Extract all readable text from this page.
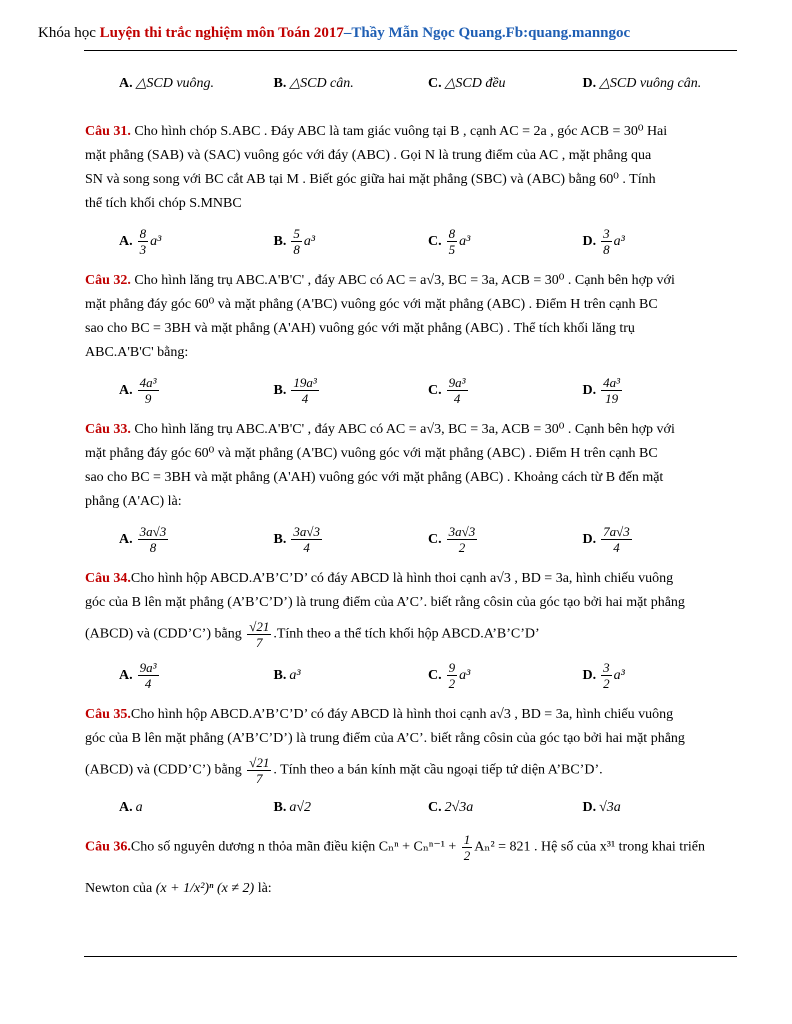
Khóa học Luyện thi trắc nghiệm môn Toán 2017–Thầy Mẫn Ngọc Quang.Fb:quang.manngoc
A. △SCD vuông.	B. △SCD cân.	C. △SCD đều	D. △SCD vuông cân.
Câu 31. Cho hình chóp S.ABC . Đáy ABC là tam giác vuông tại B , cạnh AC = 2a , góc ACB = 30⁰ Hai
mặt phẳng (SAB) và (SAC) vuông góc với đáy (ABC) . Gọi N là trung điểm của AC , mặt phẳng qua
SN và song song với BC cắt AB tại M . Biết góc giữa hai mặt phẳng (SBC) và (ABC) bằng 60⁰ . Tính
thể tích khối chóp S.MNBC
A. $\frac{8}{3} a^3$	B. $\frac{5}{8} a^3$	C. $\frac{8}{5} a^3$	D. $\frac{3}{8} a^3$
Câu 32. Cho hình lăng trụ ABC.A'B'C' , đáy ABC có AC = a√3, BC = 3a, ACB = 30⁰ . Cạnh bên hợp với
mặt phẳng đáy góc 60⁰ và mặt phẳng (A'BC) vuông góc với mặt phẳng (ABC) . Điểm H trên cạnh BC
sao cho BC = 3BH và mặt phẳng (A'AH) vuông góc với mặt phẳng (ABC) . Thể tích khối lăng trụ
ABC.A'B'C' bằng:
A. $\frac{\text{4a³}}{9}$	B. $\frac{\text{19a³}}{4}$	C. $\frac{\text{9a³}}{4}$	D. $\frac{\text{4a³}}{19}$
Câu 33. Cho hình lăng trụ ABC.A'B'C' , đáy ABC có AC = a√3, BC = 3a, ACB = 30⁰ . Cạnh bên hợp với
mặt phẳng đáy góc 60⁰ và mặt phẳng (A'BC) vuông góc với mặt phẳng (ABC) . Điểm H trên cạnh BC
sao cho BC = 3BH và mặt phẳng (A'AH) vuông góc với mặt phẳng (ABC) . Khoảng cách từ B đến mặt
phẳng (A'AC) là:
A. $\frac{3a√3}{8}$	B. $\frac{3a√3}{4}$	C. $\frac{3a√3}{2}$	D. $\frac{7a√3}{4}$
Câu 34.Cho hình hộp ABCD.A’B’C’D’ có đáy ABCD là hình thoi cạnh a√3 , BD = 3a, hình chiếu vuông
góc của B lên mặt phẳng (A’B’C’D’) là trung điểm của A’C’. biết rằng côsin của góc tạo bởi hai mặt phẳng
(ABCD) và (CDD’C’) bằng $\frac{√21}{7}$ .Tính theo a thể tích khối hộp ABCD.A’B’C’D’
A. $\frac{\text{9a³}}{4}$	B. a³	C. $\frac{9}{2} a^3$	D. $\frac{3}{2} a^3$
Câu 35.Cho hình hộp ABCD.A’B’C’D’ có đáy ABCD là hình thoi cạnh a√3 , BD = 3a, hình chiếu vuông
góc của B lên mặt phẳng (A’B’C’D’) là trung điểm của A’C’. biết rằng côsin của góc tạo bởi hai mặt phẳng
(ABCD) và (CDD’C’) bằng $\frac{√21}{7}$ . Tính theo a bán kính mặt cầu ngoại tiếp tứ diện A’BC’D’.
A. a	B. a√2	C. 2√3a	D. √3a
Câu 36.Cho số nguyên dương n thỏa mãn điều kiện $C_n^n + C_n^{n-1} + \frac{1}{2} A_n^2 = 821$ . Hệ số của x³¹ trong khai triển
Newton của (x + 1/x²)ⁿ (x ≠ 2) là:
